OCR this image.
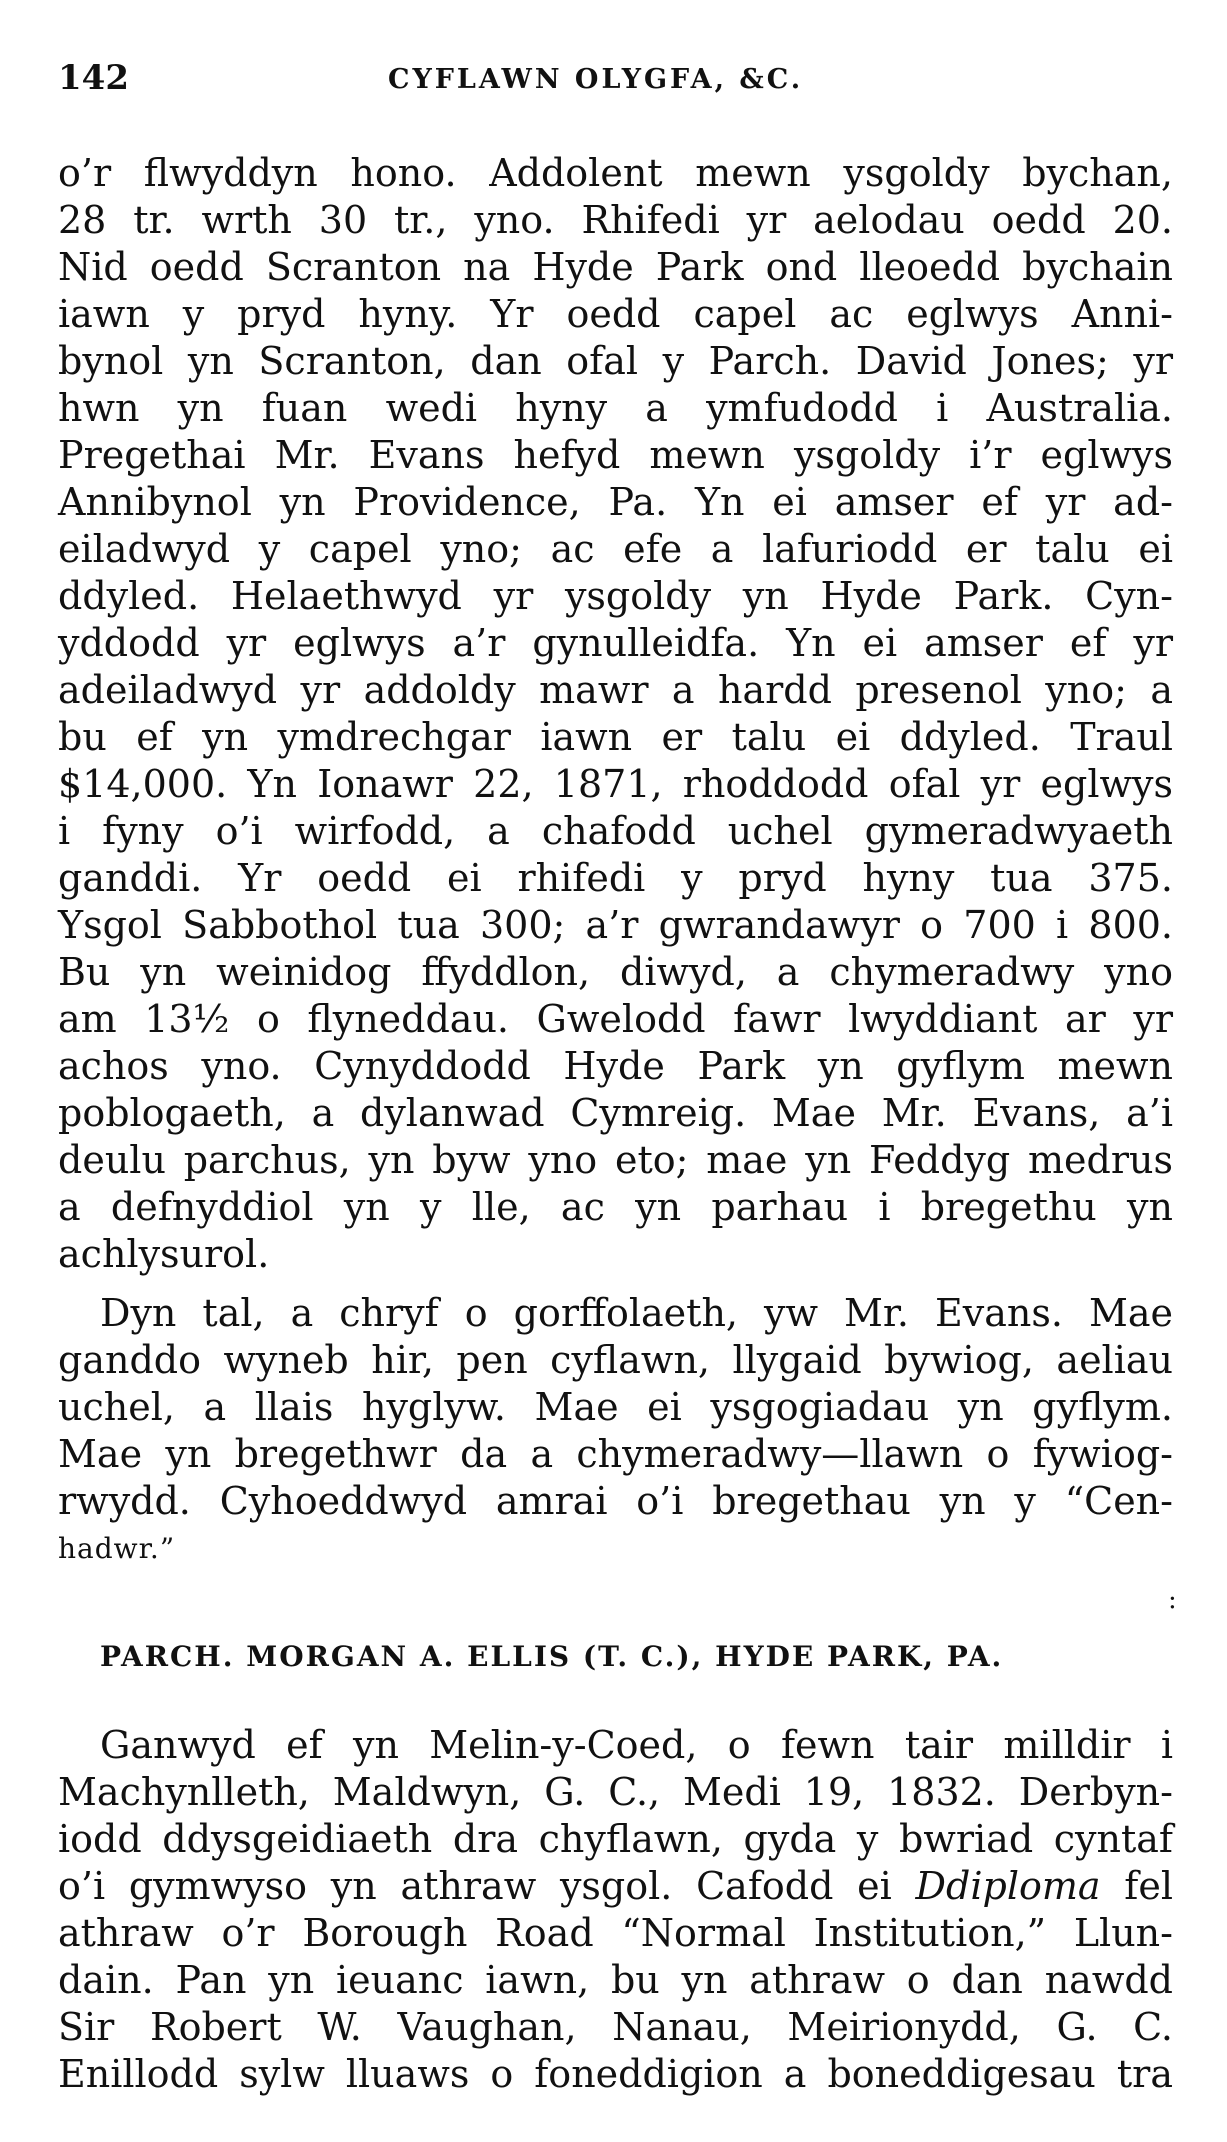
142	CYFLAWN OLYGFA, &C.
o’r flwyddyn hono. Addolent mewn ysgoldy bychan,
28 tr. wrth 30 tr., yno. Rhifedi yr aelodau oedd 20.
Nid oedd Scranton na Hyde Park ond lleoedd bychain
iawn y pryd hyny. Yr oedd capel ac eglwys Anni-
bynol yn Scranton, dan ofal y Parch. David Jones; yr
hwn yn fuan wedi hyny a ymfudodd i Australia.
Pregethai Mr. Evans hefyd mewn ysgoldy i’r eglwys
Annibynol yn Providence, Pa. Yn ei amser ef yr ad-
eiladwyd y capel yno; ac efe a lafuriodd er talu ei
ddyled. Helaethwyd yr ysgoldy yn Hyde Park. Cyn-
yddodd yr eglwys a’r gynulleidfa. Yn ei amser ef yr
adeiladwyd yr addoldy mawr a hardd presenol yno; a
bu ef yn ymdrechgar iawn er talu ei ddyled. Traul
$14,000. Yn Ionawr 22, 1871, rhoddodd ofal yr eglwys
i fyny o’i wirfodd, a chafodd uchel gymeradwyaeth
ganddi. Yr oedd ei rhifedi y pryd hyny tua 375.
Ysgol Sabbothol tua 300; a’r gwrandawyr o 700 i 800.
Bu yn weinidog ffyddlon, diwyd, a chymeradwy yno
am 13½ o flyneddau. Gwelodd fawr lwyddiant ar yr
achos yno. Cynyddodd Hyde Park yn gyflym mewn
poblogaeth, a dylanwad Cymreig. Mae Mr. Evans, a’i
deulu parchus, yn byw yno eto; mae yn Feddyg medrus
a defnyddiol yn y lle, ac yn parhau i bregethu yn
achlysurol.
Dyn tal, a chryf o gorffolaeth, yw Mr. Evans. Mae
ganddo wyneb hir, pen cyflawn, llygaid bywiog, aeliau
uchel, a llais hyglyw. Mae ei ysgogiadau yn gyflym.
Mae yn bregethwr da a chymeradwy—llawn o fywiog-
rwydd. Cyhoeddwyd amrai o’i bregethau yn y “Cen-
hadwr.”
:
PARCH. MORGAN A. ELLIS (T. C.), HYDE PARK, PA.
Ganwyd ef yn Melin-y-Coed, o fewn tair milldir i
Machynlleth, Maldwyn, G. C., Medi 19, 1832. Derbyn-
iodd ddysgeidiaeth dra chyflawn, gyda y bwriad cyntaf
o’i gymwyso yn athraw ysgol. Cafodd ei Ddiploma fel
athraw o’r Borough Road “Normal Institution,” Llun-
dain. Pan yn ieuanc iawn, bu yn athraw o dan nawdd
Sir Robert W. Vaughan, Nanau, Meirionydd, G. C.
Enillodd sylw lluaws o foneddigion a boneddigesau tra
